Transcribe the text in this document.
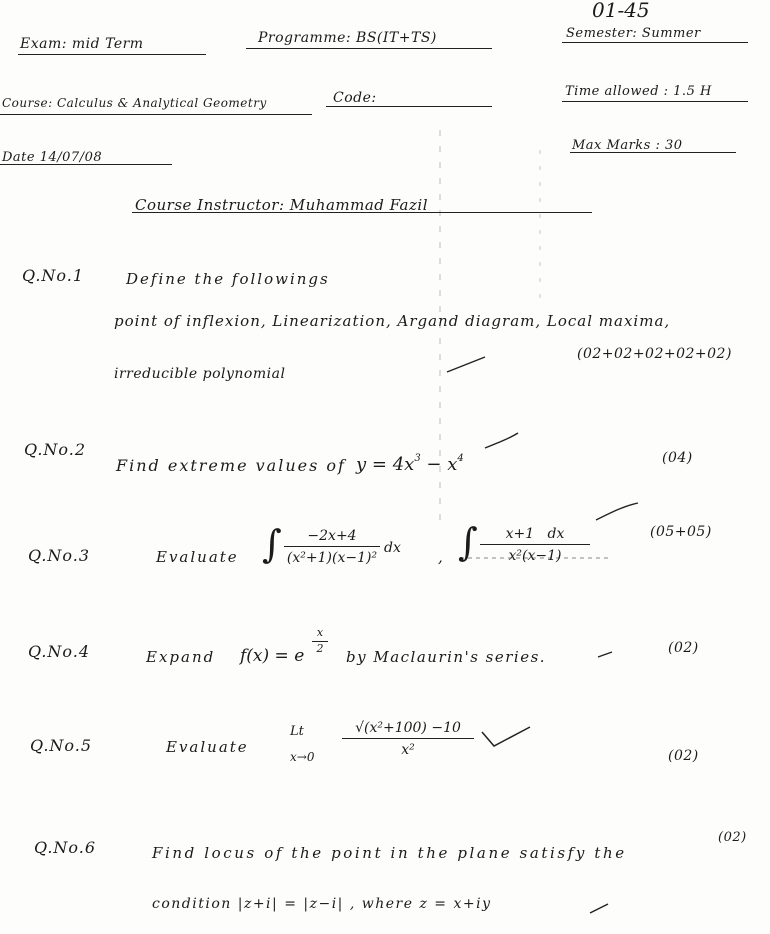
01-45
Exam: mid Term	Programme: BS(IT+TS)	Semester: Summer
Course: Calculus & Analytical Geometry	Code:	Time allowed : 1.5 H
Date 14/07/08
Max Marks : 30
Course Instructor: Muhammad Fazil
Q.No.1	Define the followings
point of inflexion, Linearization, Argand diagram, Local maxima,
irreducible polynomial
(02+02+02+02+02)
Q.No.2
Find extreme values of $y = 4x^3 - x^4$	(04)
Q.No.3	Evaluate ∫	−2x+4
(x²+1)(x−1)²
dx , ∫	x+1   dx
x²(x−1)
(05+05)
Q.No.4	Expand f(x) = e
x
2	by Maclaurin's series.	(02)
Q.No.5	Evaluate
Lt
x→0
√(x²+100) −10
x²	(02)
Q.No.6	Find locus of the point in the plane satisfy the
condition |z+i| = |z−i| , where z = x+iy
(02)
